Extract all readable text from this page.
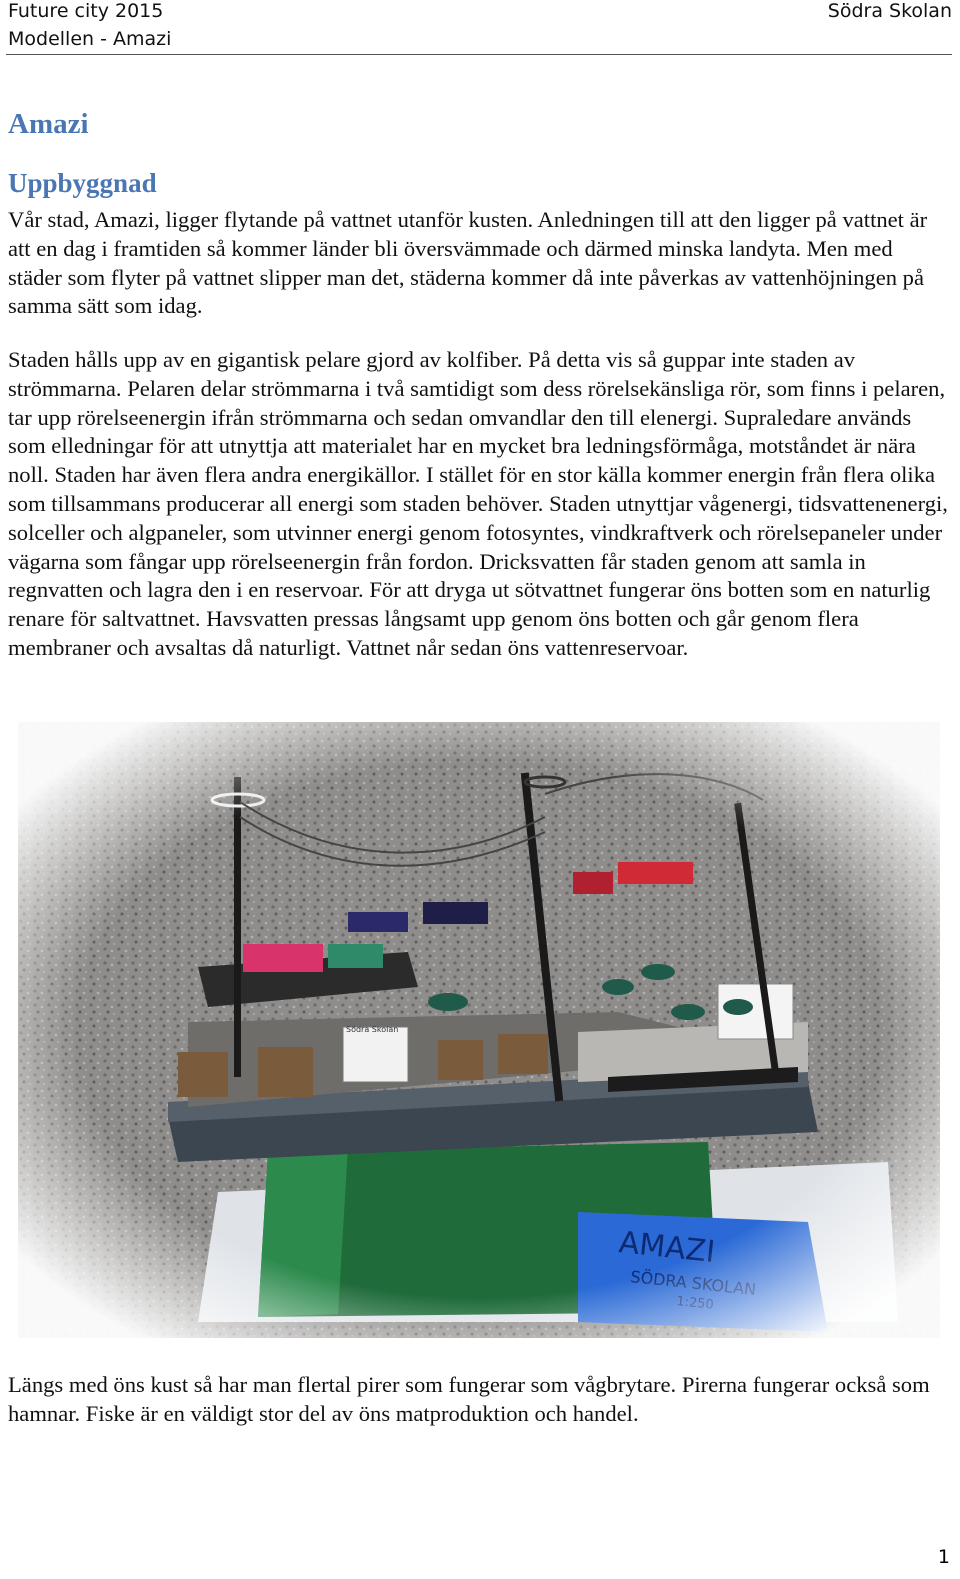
Future city 2015
Modellen - Amazi
Södra Skolan
Amazi
Uppbyggnad

Vår stad, Amazi, ligger flytande på vattnet utanför kusten. Anledningen till att den ligger på vattnet är att en dag i framtiden så kommer länder bli översvämmade och därmed minska landyta. Men med städer som flyter på vattnet slipper man det, städerna kommer då inte påverkas av vattenhöjningen på samma sätt som idag.

Staden hålls upp av en gigantisk pelare gjord av kolfiber. På detta vis så guppar inte staden av strömmarna. Pelaren delar strömmarna i två samtidigt som dess rörelsekänsliga rör, som finns i pelaren, tar upp rörelseenergin ifrån strömmarna och sedan omvandlar den till elenergi. Supraledare används som elledningar för att utnyttja att materialet har en mycket bra ledningsförmåga, motståndet är nära noll. Staden har även flera andra energikällor. I stället för en stor källa kommer energin från flera olika som tillsammans producerar all energi som staden behöver. Staden utnyttjar vågenergi, tidsvattenenergi, solceller och algpaneler, som utvinner energi genom fotosyntes, vindkraftverk och rörelsepaneler under vägarna som fångar upp rörelseenergin från fordon. Dricksvatten får staden genom att samla in regnvatten och lagra den i en reservoar. För att dryga ut sötvattnet fungerar öns botten som en naturlig renare för saltvattnet. Havsvatten pressas långsamt upp genom öns botten och går genom flera membraner och avsaltas då naturligt. Vattnet når sedan öns vattenreservoar.

Längs med öns kust så har man flertal pirer som fungerar som vågbrytare. Pirerna fungerar också som hamnar. Fiske är en väldigt stor del av öns matproduktion och handel.

1
